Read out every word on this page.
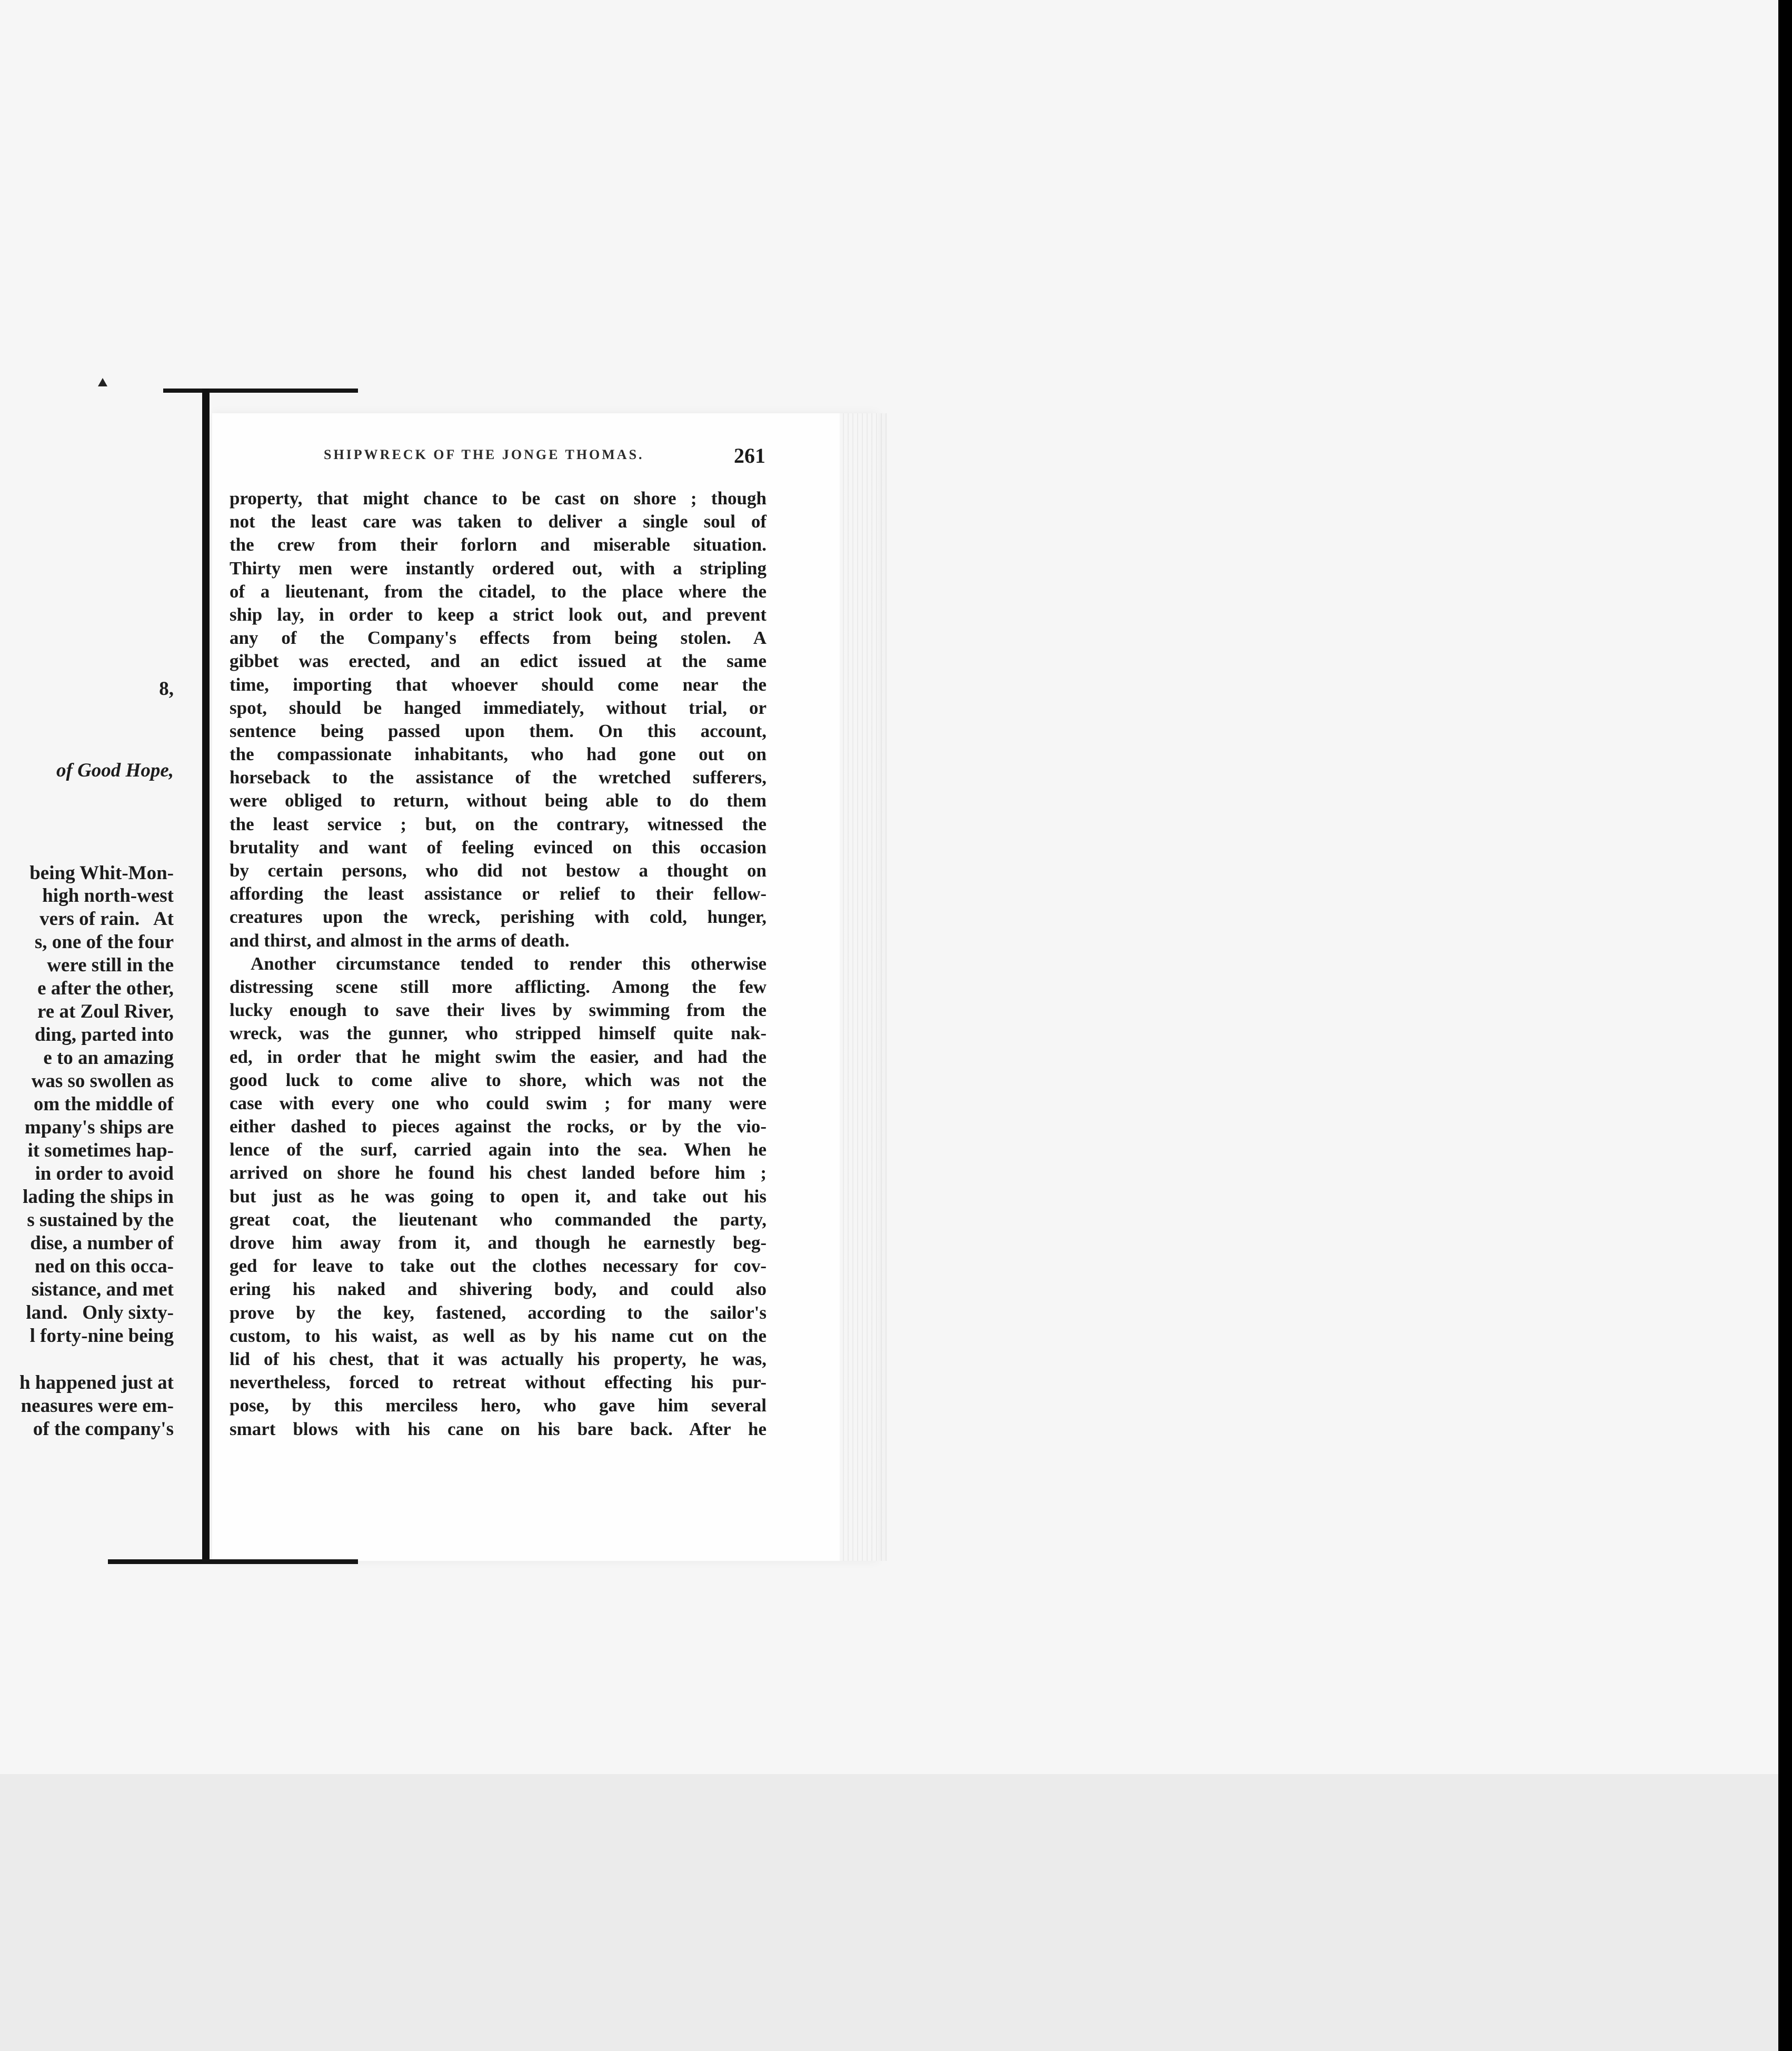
8,
of Good Hope,
being Whit-Mon-
high north-west
vers of rain.   At
s, one of the four
were still in the
e after the other,
re at Zoul River,
ding, parted into
e to an amazing
was so swollen as
om the middle of
mpany's ships are
it sometimes hap-
in order to avoid
lading the ships in
s sustained by the
dise, a number of
ned on this occa-
sistance, and met
land.   Only sixty-
l forty-nine being
h happened just at
neasures were em-
of the company's
SHIPWRECK OF THE JONGE THOMAS.	261
property, that might chance to be cast on shore ; though
not the least care was taken to deliver a single soul of
the crew from their forlorn and miserable situation.
Thirty men were instantly ordered out, with a stripling
of a lieutenant, from the citadel, to the place where the
ship lay, in order to keep a strict look out, and prevent
any of the Company's effects from being stolen. A
gibbet was erected, and an edict issued at the same
time, importing that whoever should come near the
spot, should be hanged immediately, without trial, or
sentence being passed upon them. On this account,
the compassionate inhabitants, who had gone out on
horseback to the assistance of the wretched sufferers,
were obliged to return, without being able to do them
the least service ; but, on the contrary, witnessed the
brutality and want of feeling evinced on this occasion
by certain persons, who did not bestow a thought on
affording the least assistance or relief to their fellow-
creatures upon the wreck, perishing with cold, hunger,
and thirst, and almost in the arms of death.
Another circumstance tended to render this otherwise
distressing scene still more afflicting. Among the few
lucky enough to save their lives by swimming from the
wreck, was the gunner, who stripped himself quite nak-
ed, in order that he might swim the easier, and had the
good luck to come alive to shore, which was not the
case with every one who could swim ; for many were
either dashed to pieces against the rocks, or by the vio-
lence of the surf, carried again into the sea. When he
arrived on shore he found his chest landed before him ;
but just as he was going to open it, and take out his
great coat, the lieutenant who commanded the party,
drove him away from it, and though he earnestly beg-
ged for leave to take out the clothes necessary for cov-
ering his naked and shivering body, and could also
prove by the key, fastened, according to the sailor's
custom, to his waist, as well as by his name cut on the
lid of his chest, that it was actually his property, he was,
nevertheless, forced to retreat without effecting his pur-
pose, by this merciless hero, who gave him several
smart blows with his cane on his bare back. After he
